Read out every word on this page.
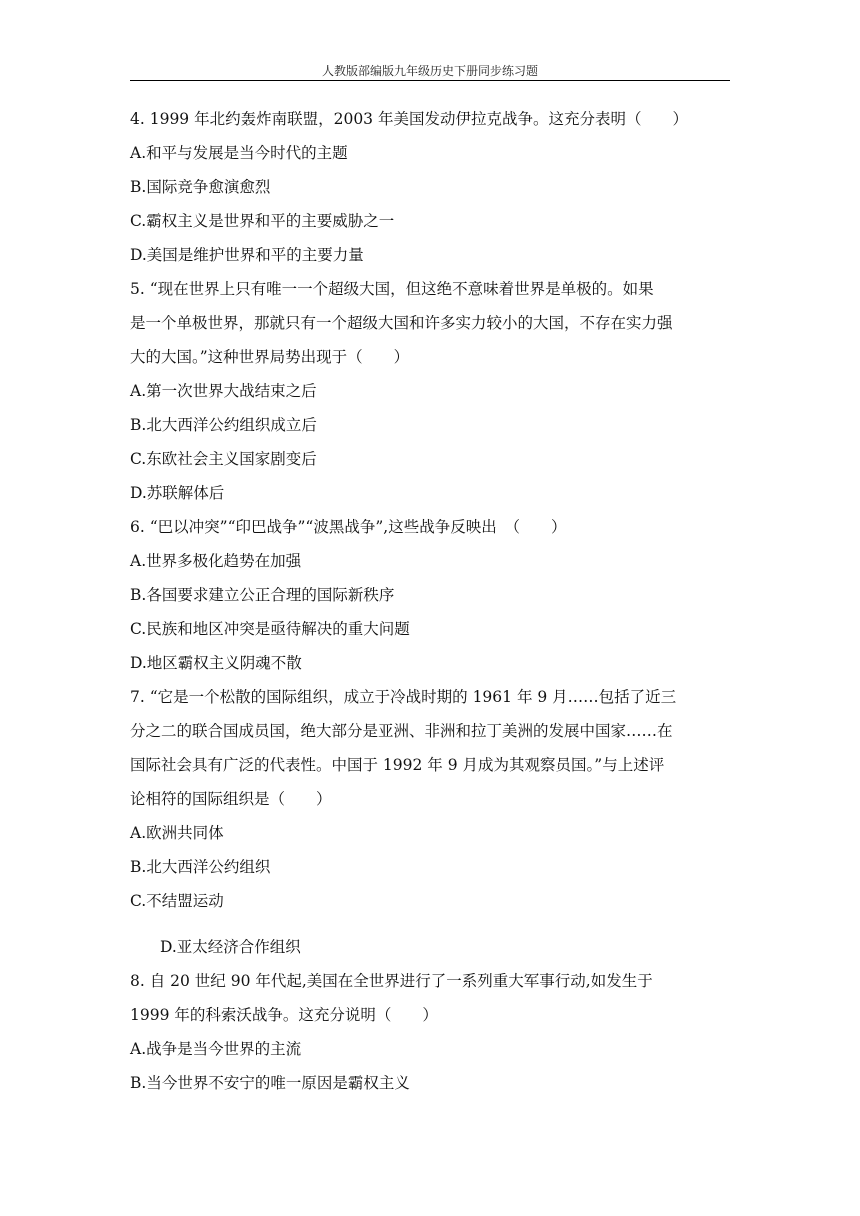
人教版部编版九年级历史下册同步练习题
4. 1999 年北约轰炸南联盟，2003 年美国发动伊拉克战争。这充分表明（　　）
A.和平与发展是当今时代的主题
B.国际竞争愈演愈烈
C.霸权主义是世界和平的主要威胁之一
D.美国是维护世界和平的主要力量
5. “现在世界上只有唯一一个超级大国，但这绝不意味着世界是单极的。如果
是一个单极世界，那就只有一个超级大国和许多实力较小的大国，不存在实力强
大的大国。”这种世界局势出现于（　　）
A.第一次世界大战结束之后
B.北大西洋公约组织成立后
C.东欧社会主义国家剧变后
D.苏联解体后
6. “巴以冲突”“印巴战争”“波黑战争”,这些战争反映出　（　　）
A.世界多极化趋势在加强
B.各国要求建立公正合理的国际新秩序
C.民族和地区冲突是亟待解决的重大问题
D.地区霸权主义阴魂不散
7. “它是一个松散的国际组织，成立于冷战时期的 1961 年 9 月……包括了近三
分之二的联合国成员国，绝大部分是亚洲、非洲和拉丁美洲的发展中国家……在
国际社会具有广泛的代表性。中国于 1992 年 9 月成为其观察员国。”与上述评
论相符的国际组织是（　　）
A.欧洲共同体
B.北大西洋公约组织
C.不结盟运动
D.亚太经济合作组织
8. 自 20 世纪 90 年代起,美国在全世界进行了一系列重大军事行动,如发生于
1999 年的科索沃战争。这充分说明（　　）
A.战争是当今世界的主流
B.当今世界不安宁的唯一原因是霸权主义
